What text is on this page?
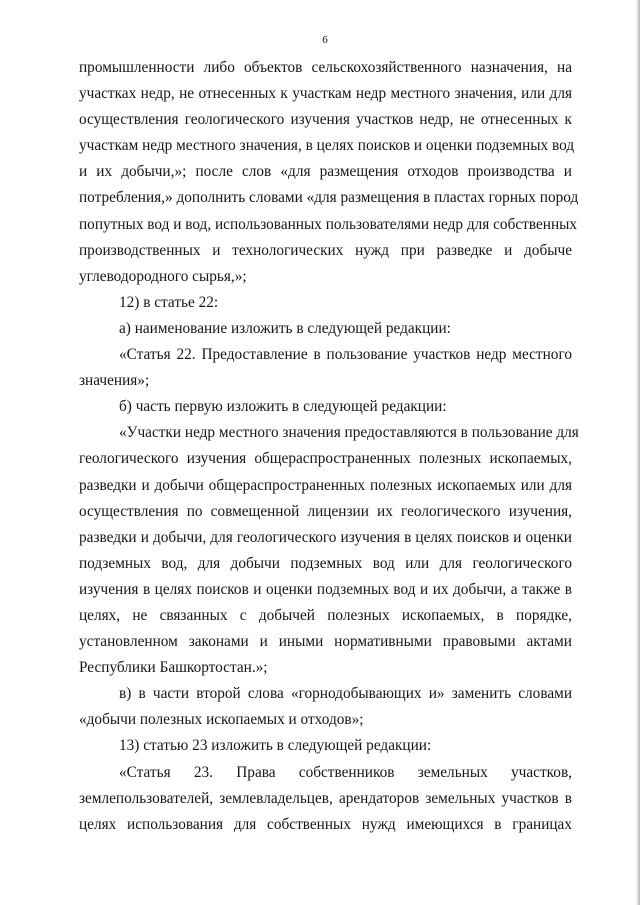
6
промышленности либо объектов сельскохозяйственного назначения, на
участках недр, не отнесенных к участкам недр местного значения, или для
осуществления геологического изучения участков недр, не отнесенных к
участкам недр местного значения, в целях поисков и оценки подземных вод
и их добычи,»; после слов «для размещения отходов производства и
потребления,» дополнить словами «для размещения в пластах горных пород
попутных вод и вод, использованных пользователями недр для собственных
производственных и технологических нужд при разведке и добыче
углеводородного сырья,»;
12) в статье 22:
а) наименование изложить в следующей редакции:
«Статья 22. Предоставление в пользование участков недр местного
значения»;
б) часть первую изложить в следующей редакции:
«Участки недр местного значения предоставляются в пользование для
геологического изучения общераспространенных полезных ископаемых,
разведки и добычи общераспространенных полезных ископаемых или для
осуществления по совмещенной лицензии их геологического изучения,
разведки и добычи, для геологического изучения в целях поисков и оценки
подземных вод, для добычи подземных вод или для геологического
изучения в целях поисков и оценки подземных вод и их добычи, а также в
целях, не связанных с добычей полезных ископаемых, в порядке,
установленном законами и иными нормативными правовыми актами
Республики Башкортостан.»;
в) в части второй слова «горнодобывающих и» заменить словами
«добычи полезных ископаемых и отходов»;
13) статью 23 изложить в следующей редакции:
«Статья 23. Права собственников земельных участков,
землепользователей, землевладельцев, арендаторов земельных участков в
целях использования для собственных нужд имеющихся в границах
